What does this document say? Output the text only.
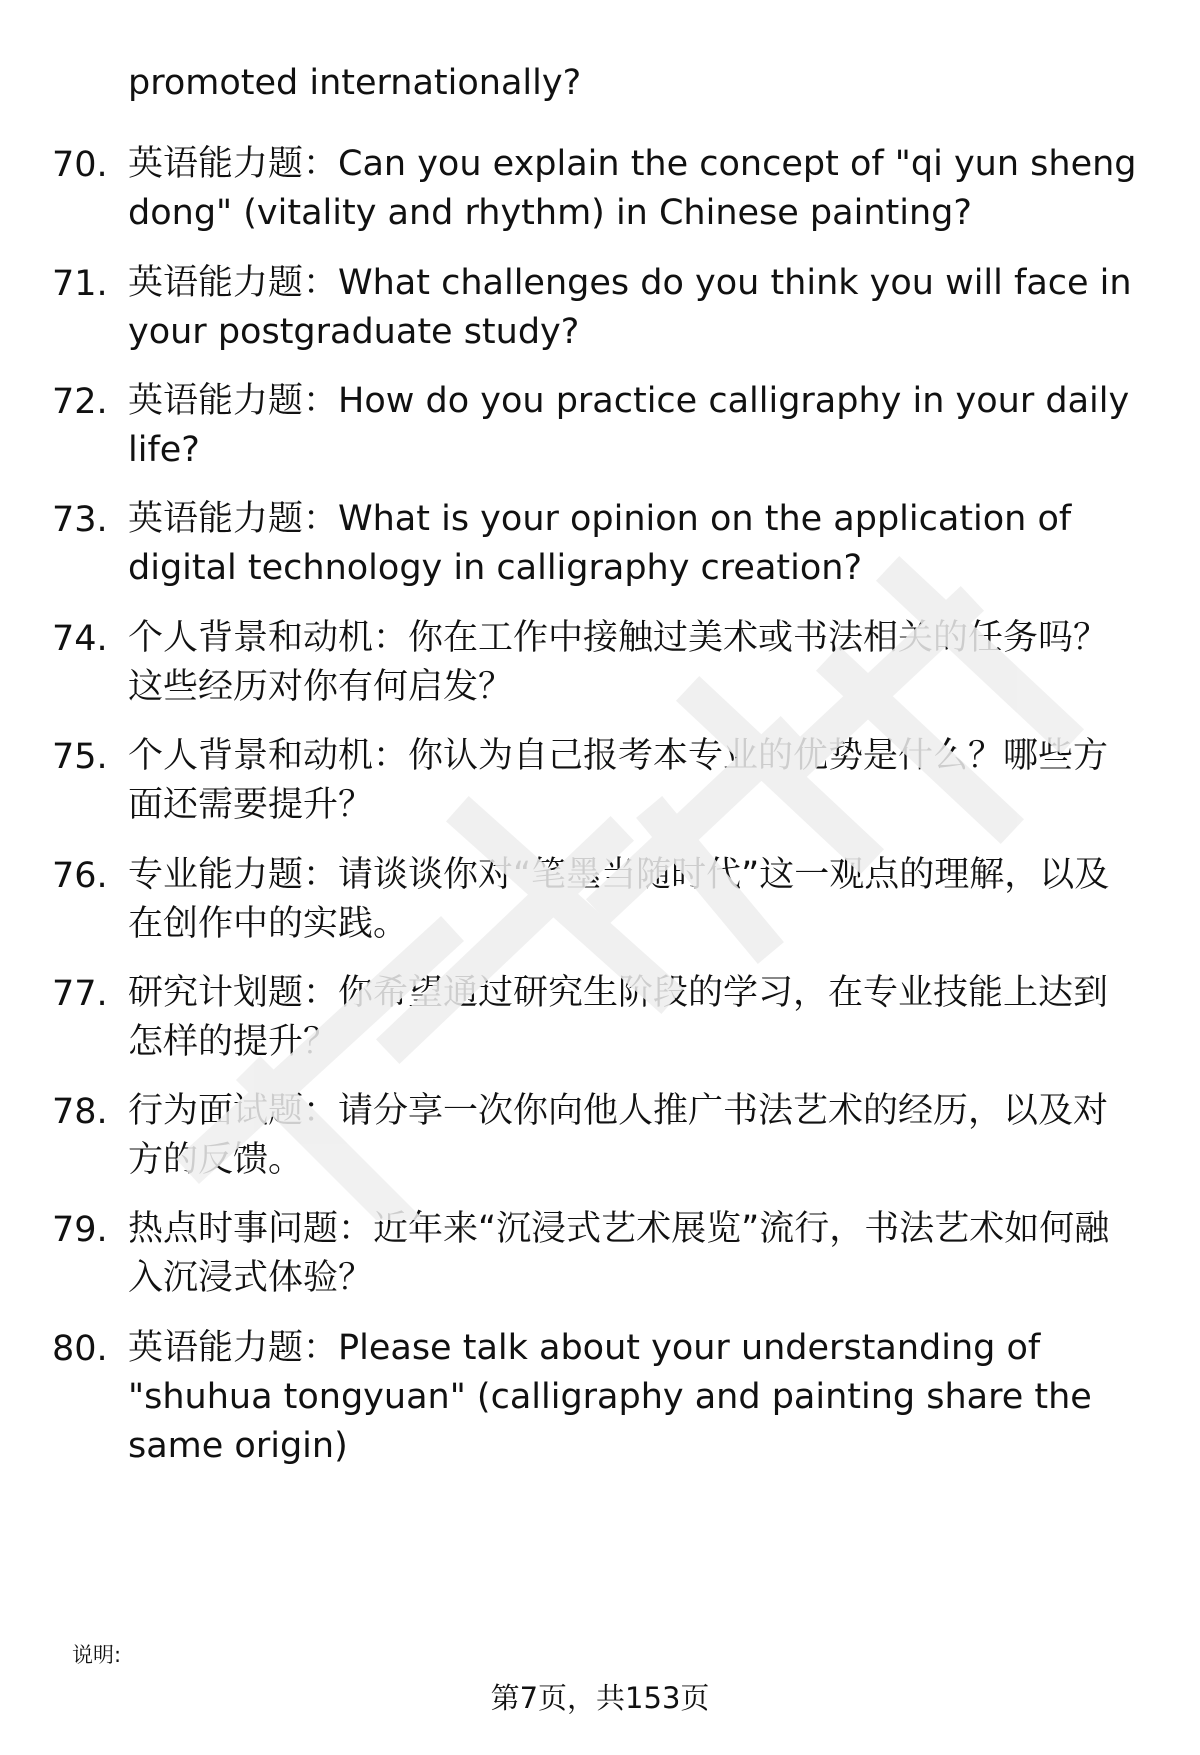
promoted internationally?
70. 英语能力题：Can you explain the concept of "qi yun sheng dong" (vitality and rhythm) in Chinese painting?
71. 英语能力题：What challenges do you think you will face in your postgraduate study?
72. 英语能力题：How do you practice calligraphy in your daily life?
73. 英语能力题：What is your opinion on the application of digital technology in calligraphy creation?
74. 个人背景和动机：你在工作中接触过美术或书法相关的任务吗？这些经历对你有何启发？
75. 个人背景和动机：你认为自己报考本专业的优势是什么？哪些方面还需要提升？
76. 专业能力题：请谈谈你对“笔墨当随时代”这一观点的理解，以及在创作中的实践。
77. 研究计划题：你希望通过研究生阶段的学习，在专业技能上达到怎样的提升？
78. 行为面试题：请分享一次你向他人推广书法艺术的经历，以及对方的反馈。
79. 热点时事问题：近年来“沉浸式艺术展览”流行，书法艺术如何融入沉浸式体验？
80. 英语能力题：Please talk about your understanding of "shuhua tongyuan" (calligraphy and painting share the same origin)
说明:
第7页，共153页
